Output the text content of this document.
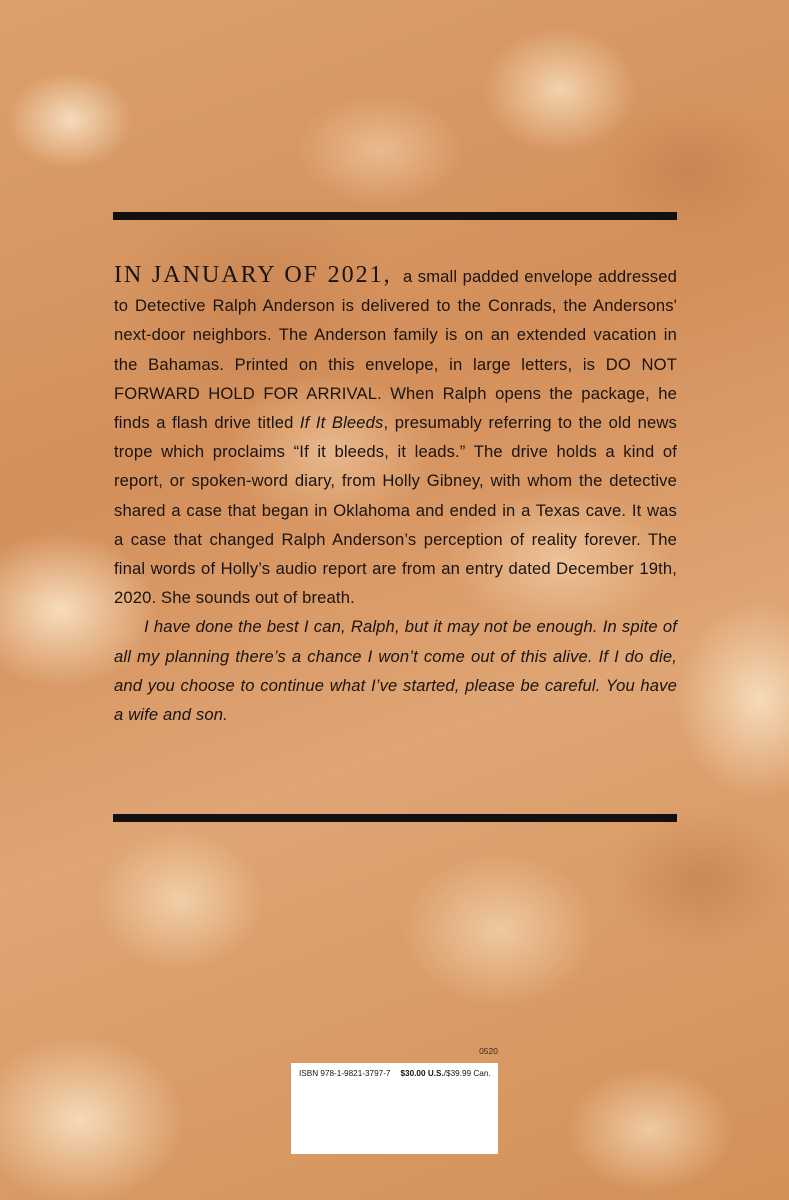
IN JANUARY OF 2021, a small padded envelope addressed to Detective Ralph Anderson is delivered to the Conrads, the Andersons' next-door neighbors. The Anderson family is on an extended vacation in the Bahamas. Printed on this envelope, in large letters, is DO NOT FORWARD HOLD FOR ARRIVAL. When Ralph opens the package, he finds a flash drive titled If It Bleeds, presumably referring to the old news trope which proclaims “If it bleeds, it leads.” The drive holds a kind of report, or spoken-word diary, from Holly Gibney, with whom the detective shared a case that began in Oklahoma and ended in a Texas cave. It was a case that changed Ralph Anderson’s perception of reality forever. The final words of Holly’s audio report are from an entry dated December 19th, 2020. She sounds out of breath.

I have done the best I can, Ralph, but it may not be enough. In spite of all my planning there’s a chance I won’t come out of this alive. If I do die, and you choose to continue what I’ve started, please be careful. You have a wife and son.

0520
ISBN 978-1-9821-3797-7 $30.00 U.S./$39.99 Can.
